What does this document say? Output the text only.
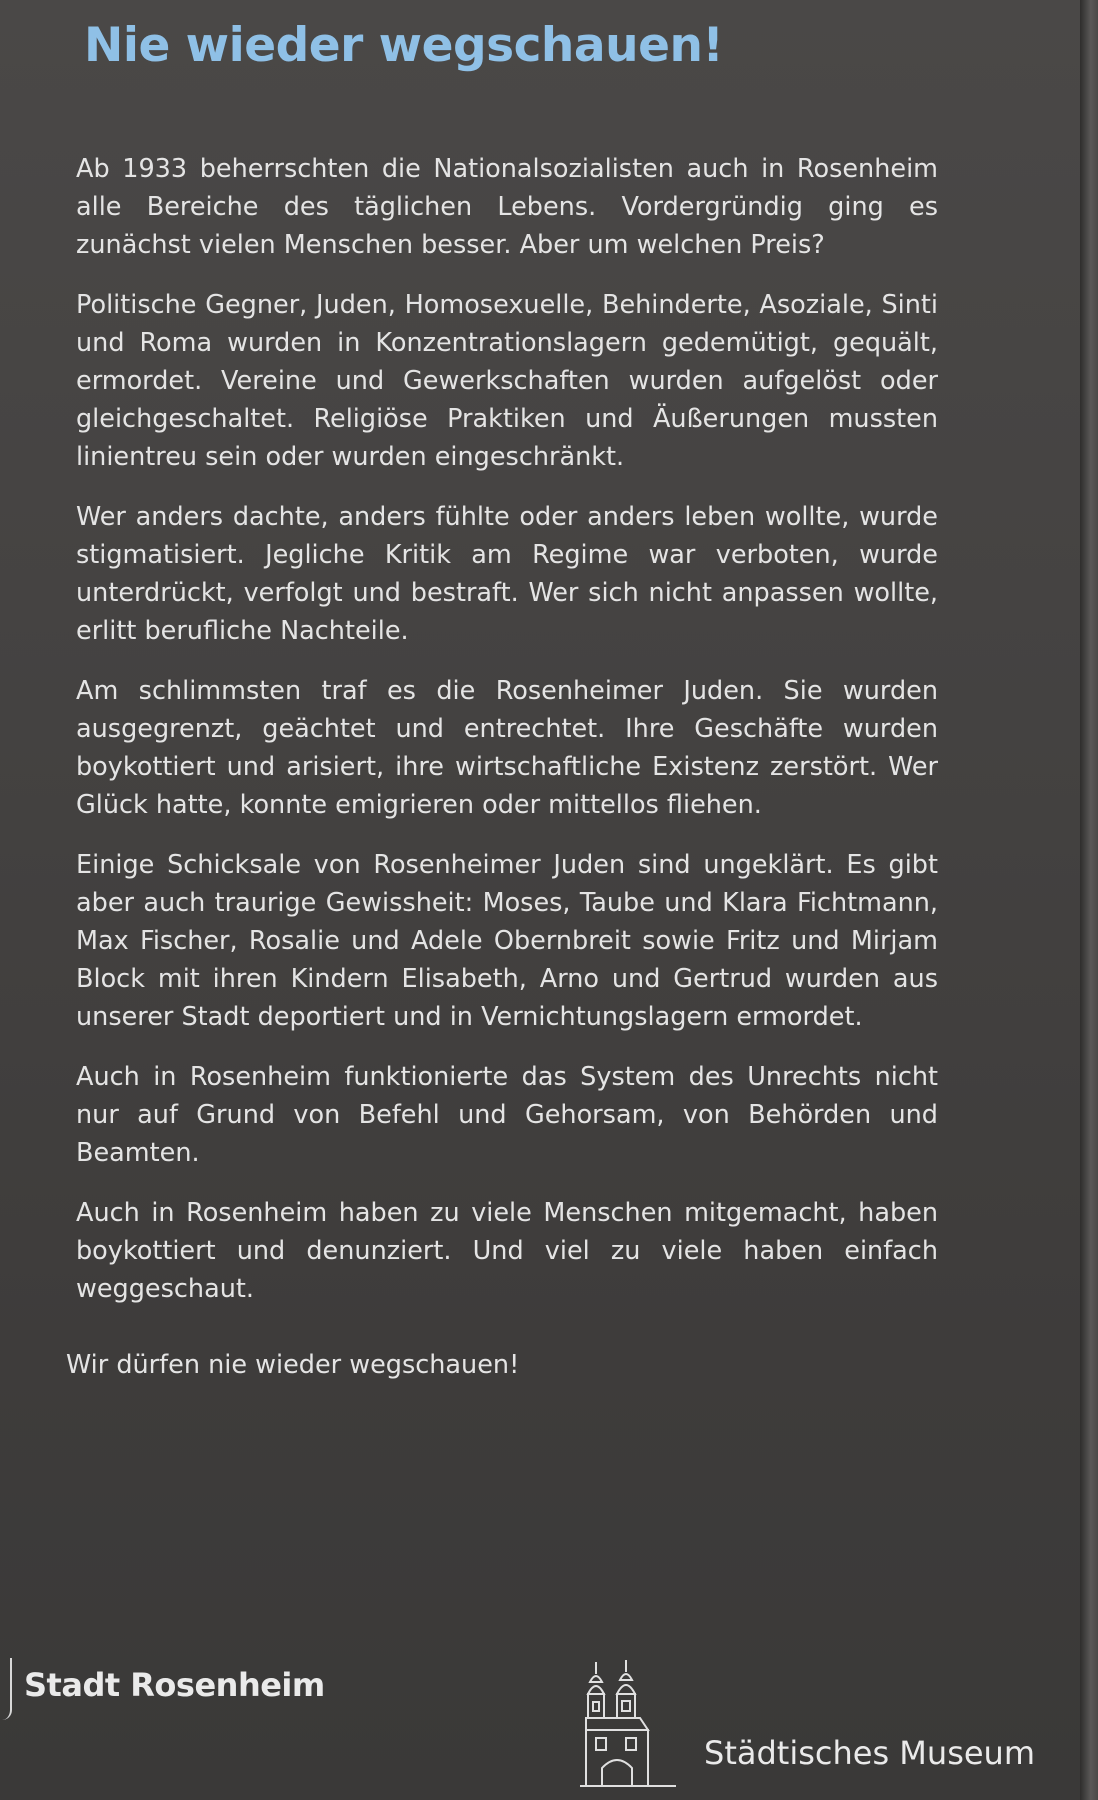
Nie wieder wegschauen!

Ab 1933 beherrschten die Nationalsozialisten auch in Rosenheim alle Bereiche des täglichen Lebens. Vordergründig ging es zunächst vielen Menschen besser. Aber um welchen Preis?

Politische Gegner, Juden, Homosexuelle, Behinderte, Asoziale, Sinti und Roma wurden in Konzentrationslagern gedemütigt, gequält, ermordet. Vereine und Gewerkschaften wurden aufgelöst oder gleichgeschaltet. Religiöse Praktiken und Äußerungen mussten linientreu sein oder wurden eingeschränkt.

Wer anders dachte, anders fühlte oder anders leben wollte, wurde stigmatisiert. Jegliche Kritik am Regime war verboten, wurde unterdrückt, verfolgt und bestraft. Wer sich nicht anpassen wollte, erlitt berufliche Nachteile.

Am schlimmsten traf es die Rosenheimer Juden. Sie wurden ausgegrenzt, geächtet und entrechtet. Ihre Geschäfte wurden boykottiert und arisiert, ihre wirtschaftliche Existenz zerstört. Wer Glück hatte, konnte emigrieren oder mittellos fliehen.

Einige Schicksale von Rosenheimer Juden sind ungeklärt. Es gibt aber auch traurige Gewissheit: Moses, Taube und Klara Fichtmann, Max Fischer, Rosalie und Adele Obernbreit sowie Fritz und Mirjam Block mit ihren Kindern Elisabeth, Arno und Gertrud wurden aus unserer Stadt deportiert und in Vernichtungslagern ermordet.

Auch in Rosenheim funktionierte das System des Unrechts nicht nur auf Grund von Befehl und Gehorsam, von Behörden und Beamten.

Auch in Rosenheim haben zu viele Menschen mitgemacht, haben boykottiert und denunziert. Und viel zu viele haben einfach weggeschaut.

Wir dürfen nie wieder wegschauen!

Stadt Rosenheim
Städtisches Museum
